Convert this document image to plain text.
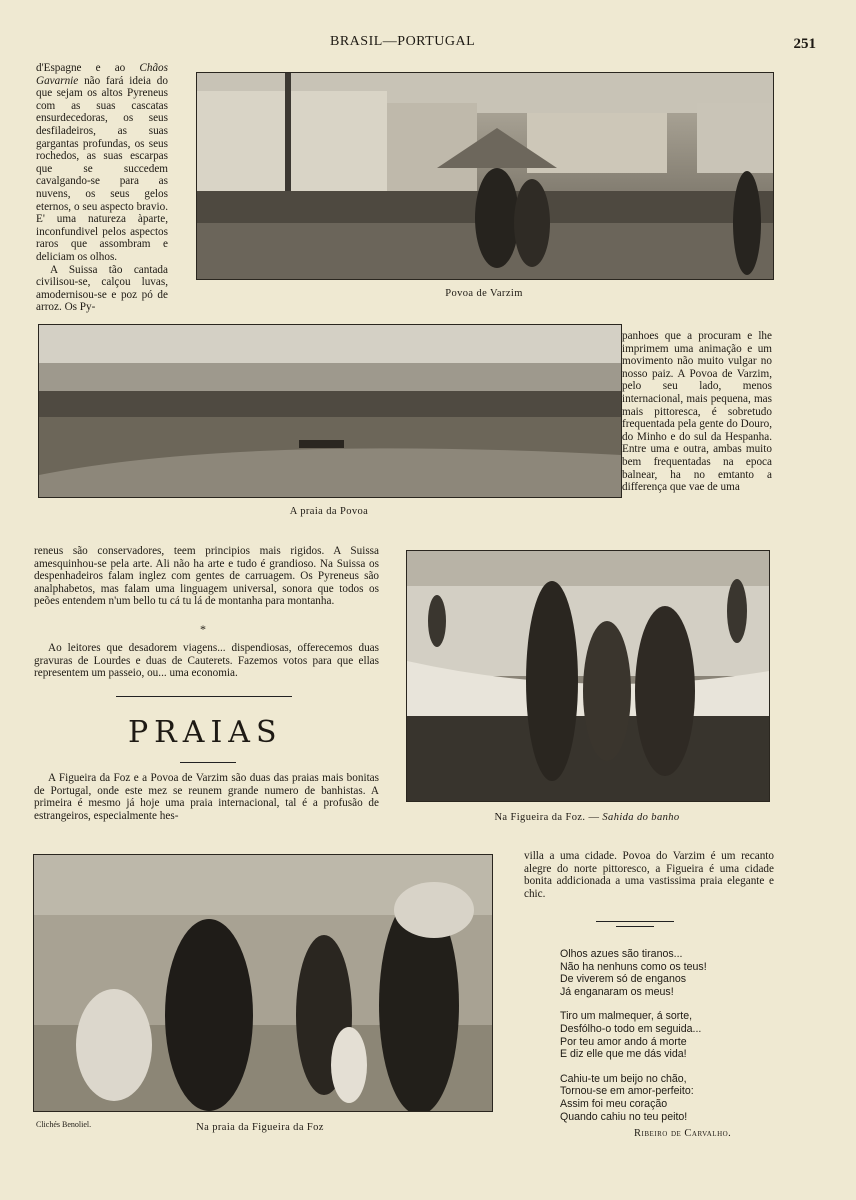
BRASIL—PORTUGAL	251

d'Espagne e ao Chãos Gavarnie não fará ideia do que sejam os altos Pyreneus com as suas cascatas ensurdecedoras, os seus desfiladeiros, as suas gargantas profundas, os seus rochedos, as suas escarpas que se succedem cavalgando-se para as nuvens, os seus gelos eternos, o seu aspecto bravio. E' uma natureza àparte, inconfundivel pelos aspectos raros que assombram e deliciam os olhos.

A Suissa tão cantada civilisou-se, calçou luvas, amodernisou-se e poz pó de arroz. Os Py-

Povoa de Varzim
A praia da Povoa
panhoes que a procuram e lhe imprimem uma animação e um movimento não muito vulgar no nosso paiz. A Povoa de Varzim, pelo seu lado, menos internacional, mais pequena, mas mais pittoresca, é sobretudo frequentada pela gente do Douro, do Minho e do sul da Hespanha. Entre uma e outra, ambas muito bem frequentadas na epoca balnear, ha no emtanto a differença que vae de uma
reneus são conservadores, teem principios mais rigidos. A Suissa amesquinhou-se pela arte. Ali não ha arte e tudo é grandioso. Na Suissa os despenhadeiros falam inglez com gentes de carruagem. Os Pyreneus são analphabetos, mas falam uma linguagem universal, sonora que todos os peões entendem n'um bello tu cá tu lá de montanha para montanha.
*

Ao leitores que desadorem viagens... dispendiosas, offerecemos duas gravuras de Lourdes e duas de Cauterets. Fazemos votos para que ellas representem um passeio, ou... uma economia.

PRAIAS

A Figueira da Foz e a Povoa de Varzim são duas das praias mais bonitas de Portugal, onde este mez se reunem grande numero de banhistas. A primeira é mesmo já hoje uma praia internacional, tal é a profusão de estrangeiros, especialmente hes-	Na Figueira da Foz. — Sahida do banho
Na praia da Figueira da Foz
Clichés Benoliel.
villa a uma cidade. Povoa do Varzim é um recanto alegre do norte pittoresco, a Figueira é uma cidade bonita addicionada a uma vastissima praia elegante e chic.
Olhos azues são tiranos...
Não ha nenhuns como os teus!
De viverem só de enganos
Já enganaram os meus!
Tiro um malmequer, á sorte,
Desfólho-o todo em seguida...
Por teu amor ando á morte
E diz elle que me dás vida!
Cahiu-te um beijo no chão,
Tornou-se em amor-perfeito:
Assim foi meu coração
Quando cahiu no teu peito!
Ribeiro de Carvalho.
